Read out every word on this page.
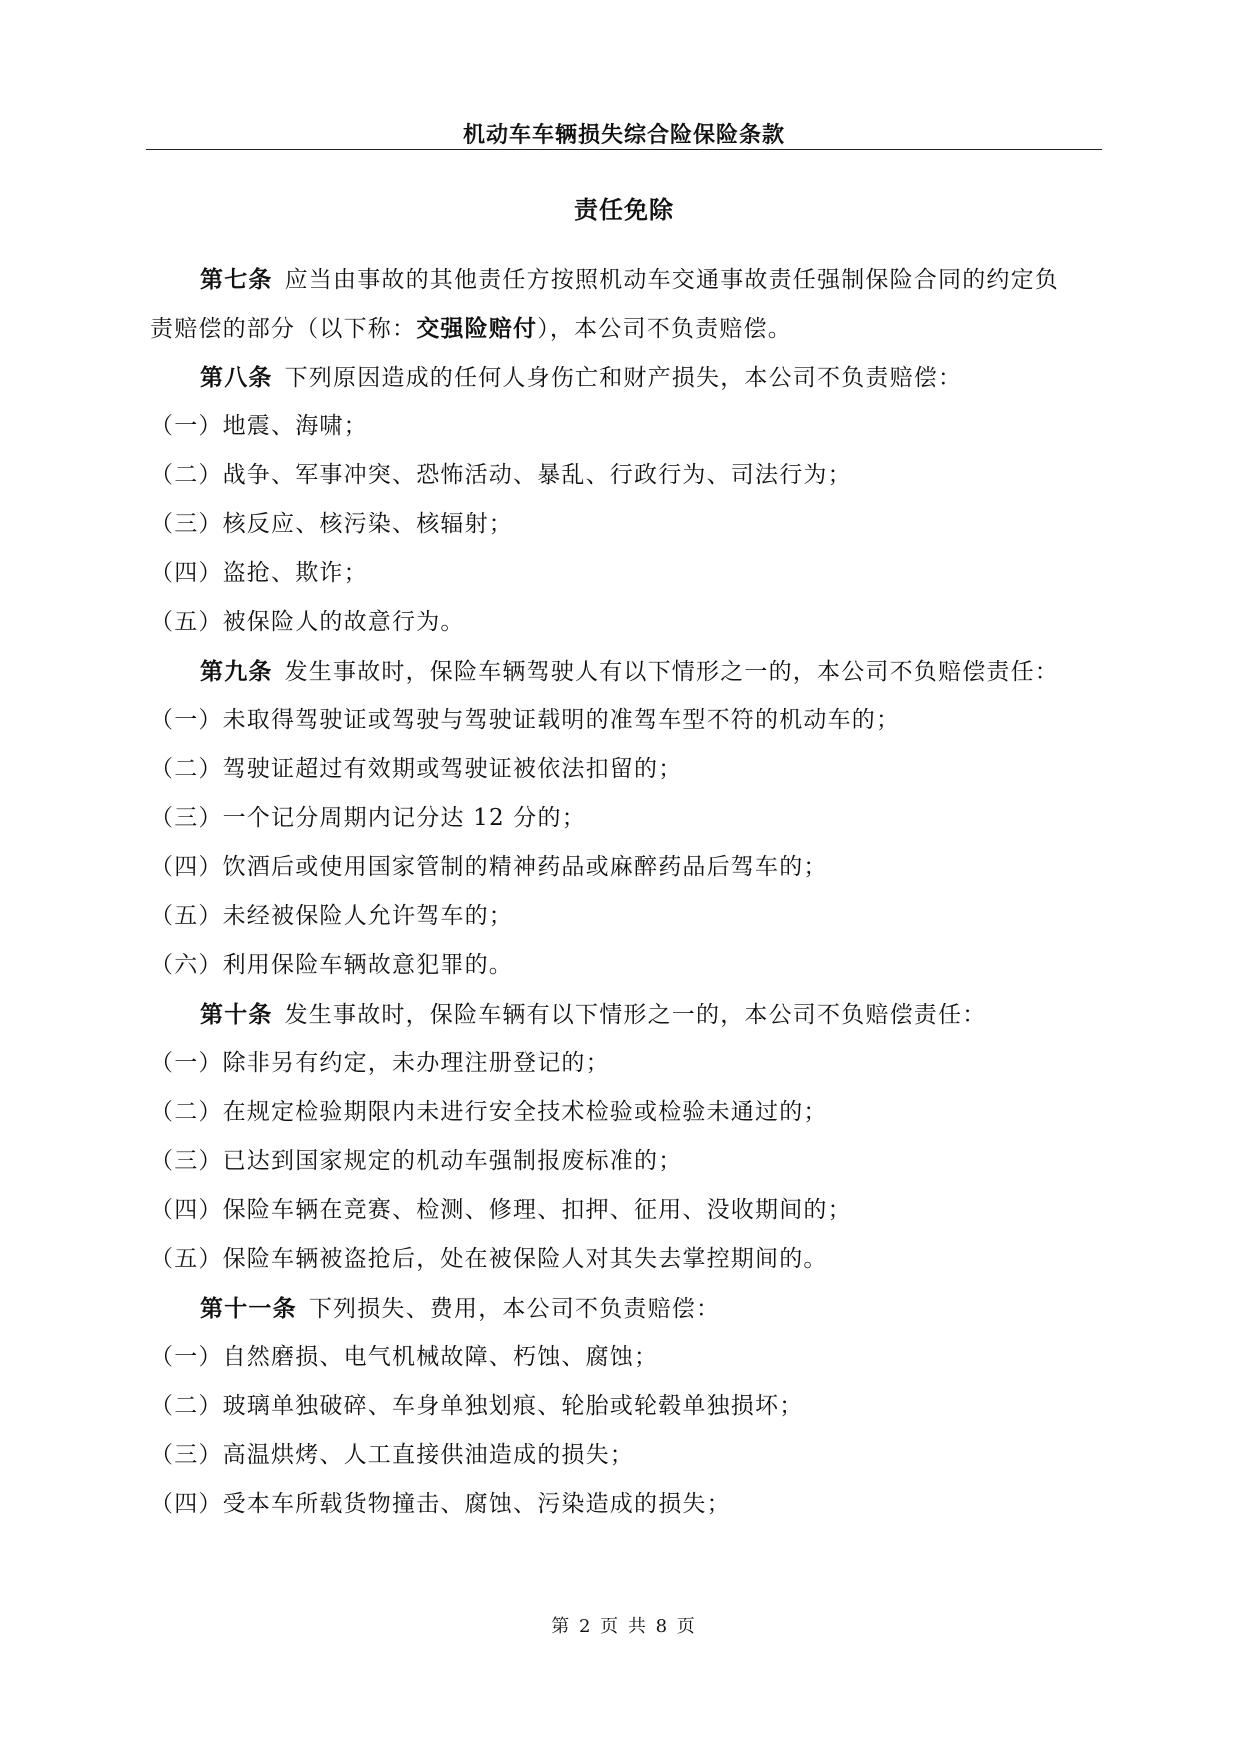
机动车车辆损失综合险保险条款
责任免除
第七条 应当由事故的其他责任方按照机动车交通事故责任强制保险合同的约定负
责赔偿的部分（以下称：交强险赔付），本公司不负责赔偿。
第八条 下列原因造成的任何人身伤亡和财产损失，本公司不负责赔偿：
（一）地震、海啸；
（二）战争、军事冲突、恐怖活动、暴乱、行政行为、司法行为；
（三）核反应、核污染、核辐射；
（四）盗抢、欺诈；
（五）被保险人的故意行为。
第九条 发生事故时，保险车辆驾驶人有以下情形之一的，本公司不负赔偿责任：
（一）未取得驾驶证或驾驶与驾驶证载明的准驾车型不符的机动车的；
（二）驾驶证超过有效期或驾驶证被依法扣留的；
（三）一个记分周期内记分达 12 分的；
（四）饮酒后或使用国家管制的精神药品或麻醉药品后驾车的；
（五）未经被保险人允许驾车的；
（六）利用保险车辆故意犯罪的。
第十条 发生事故时，保险车辆有以下情形之一的，本公司不负赔偿责任：
（一）除非另有约定，未办理注册登记的；
（二）在规定检验期限内未进行安全技术检验或检验未通过的；
（三）已达到国家规定的机动车强制报废标准的；
（四）保险车辆在竞赛、检测、修理、扣押、征用、没收期间的；
（五）保险车辆被盗抢后，处在被保险人对其失去掌控期间的。
第十一条 下列损失、费用，本公司不负责赔偿：
（一）自然磨损、电气机械故障、朽蚀、腐蚀；
（二）玻璃单独破碎、车身单独划痕、轮胎或轮毂单独损坏；
（三）高温烘烤、人工直接供油造成的损失；
（四）受本车所载货物撞击、腐蚀、污染造成的损失；
第 2 页 共 8 页
